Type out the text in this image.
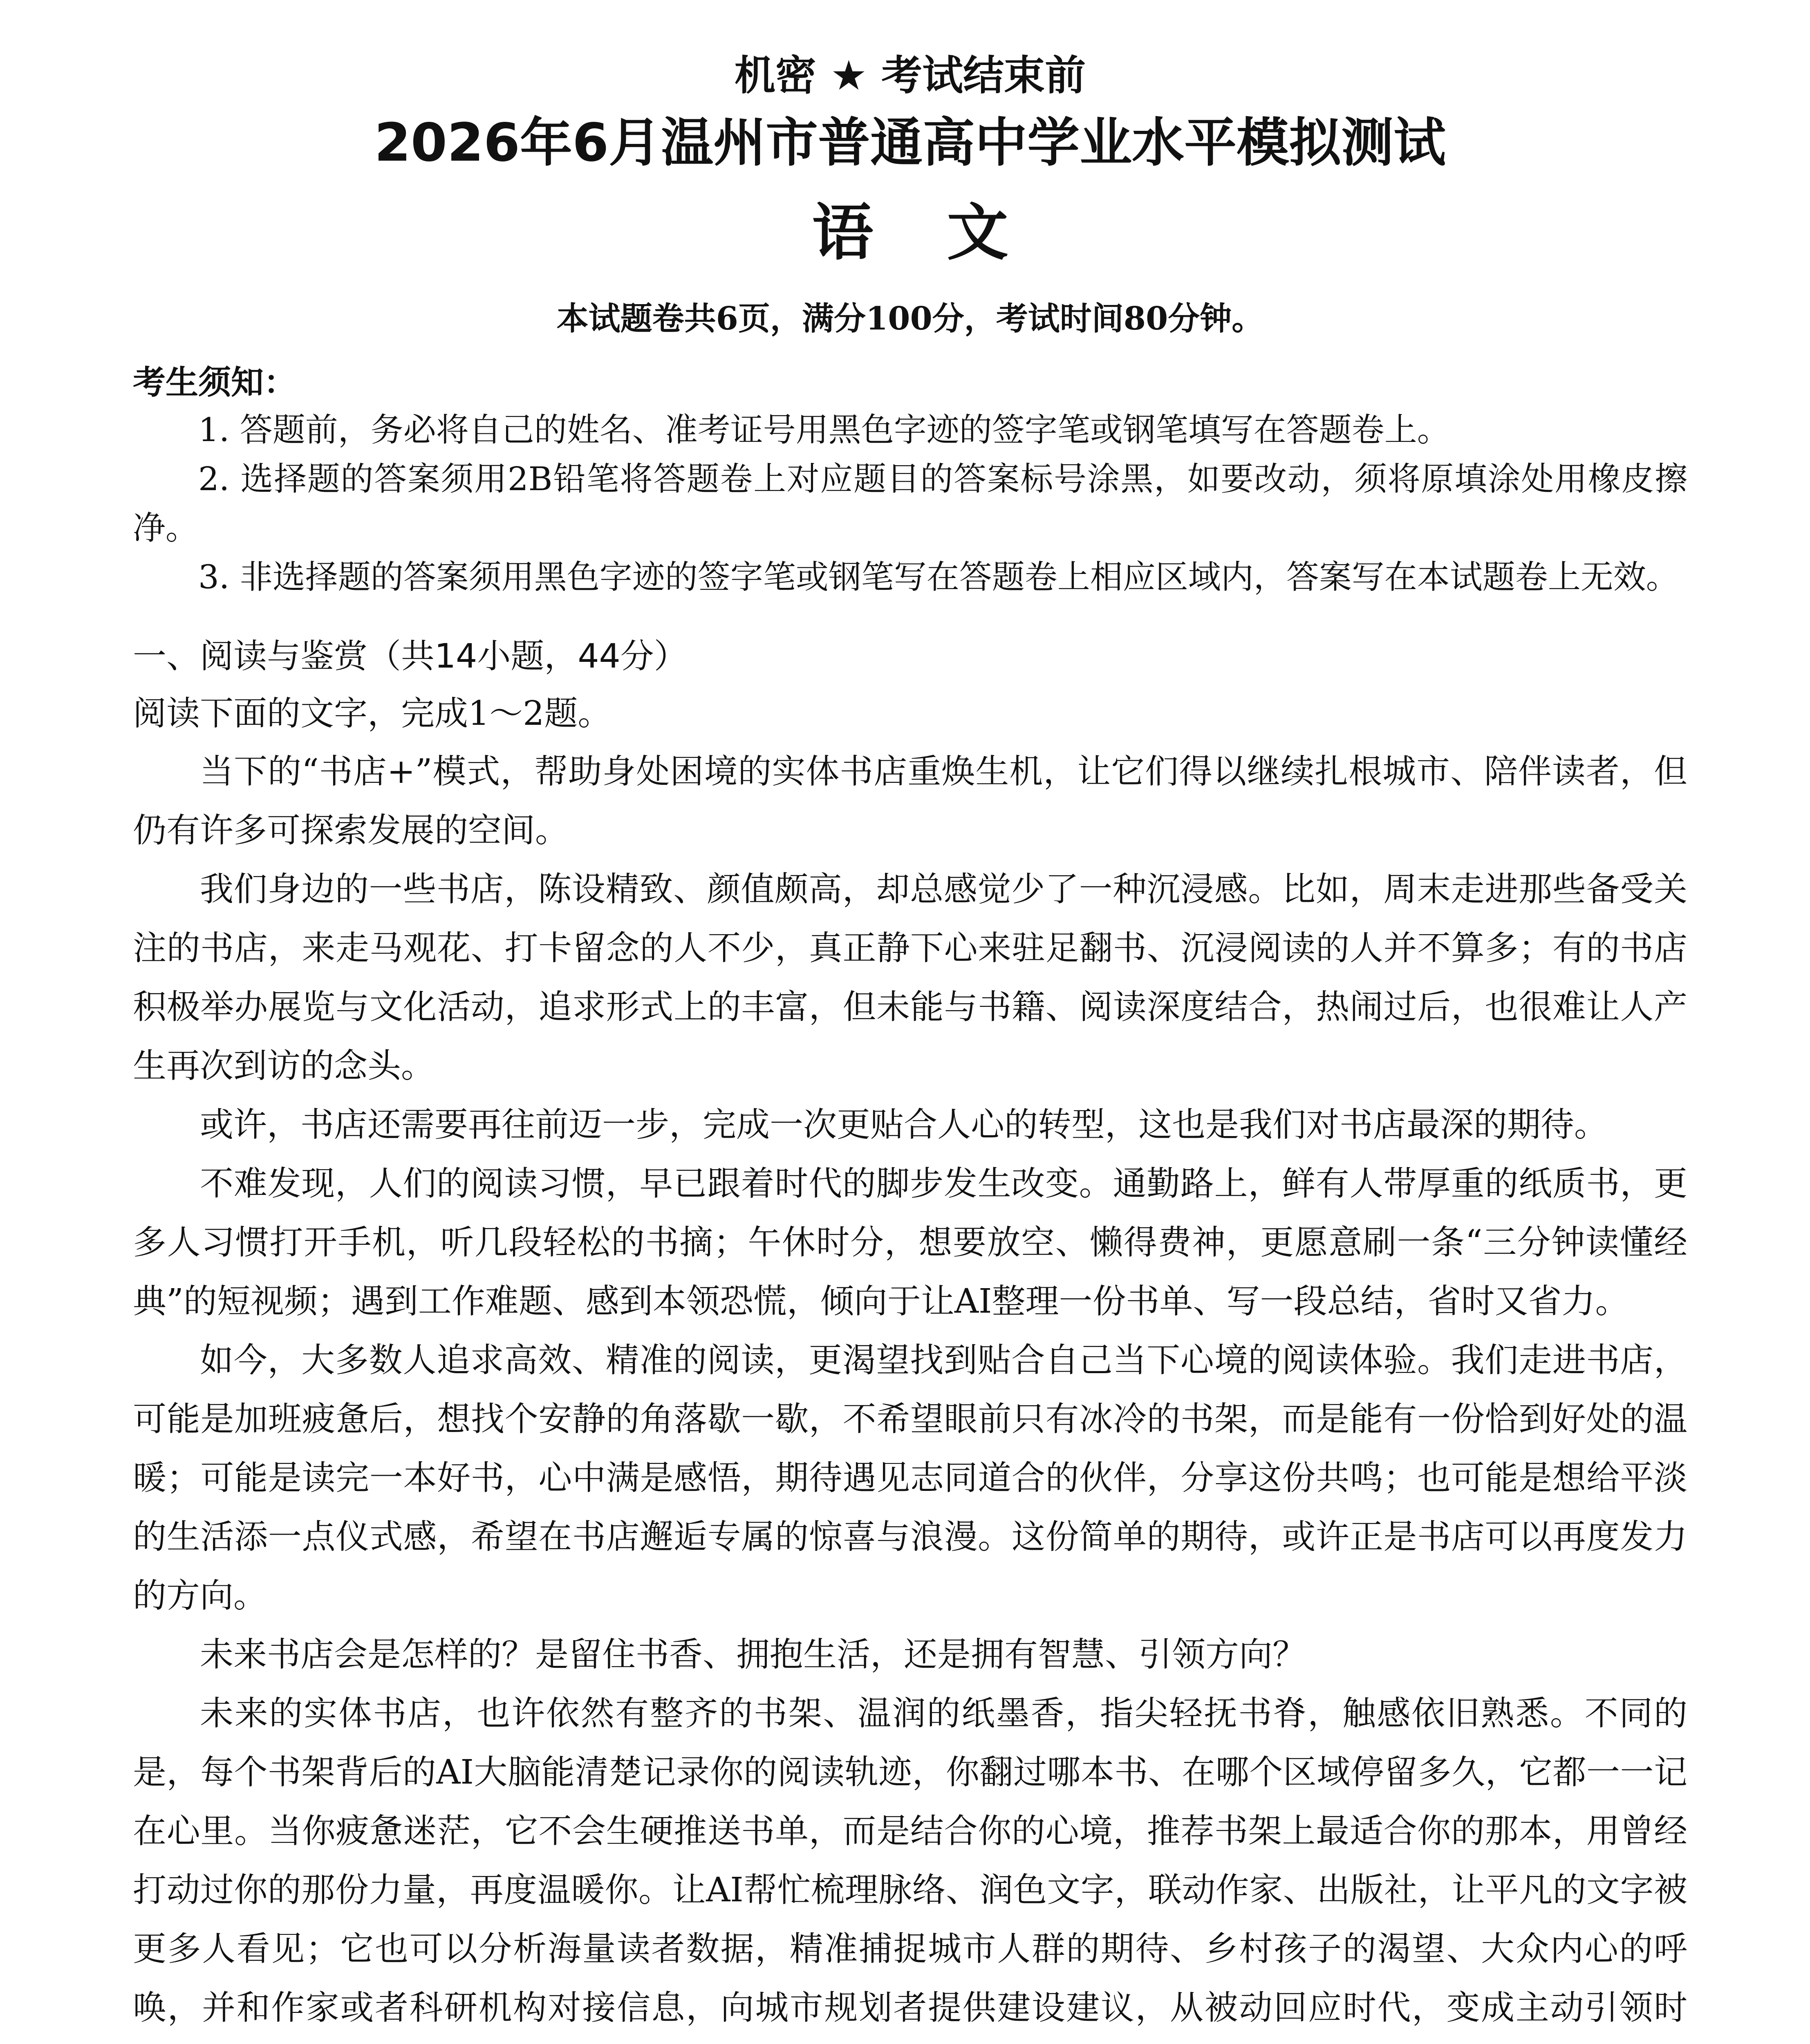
机密 ★ 考试结束前

2026年6月温州市普通高中学业水平模拟测试
语文

本试题卷共6页，满分100分，考试时间80分钟。

考生须知：

1. 答题前，务必将自己的姓名、准考证号用黑色字迹的签字笔或钢笔填写在答题卷上。

2. 选择题的答案须用2B铅笔将答题卷上对应题目的答案标号涂黑，如要改动，须将原填涂处用橡皮擦净。

3. 非选择题的答案须用黑色字迹的签字笔或钢笔写在答题卷上相应区域内，答案写在本试题卷上无效。

一、阅读与鉴赏（共14小题，44分）

阅读下面的文字，完成1～2题。

当下的“书店+”模式，帮助身处困境的实体书店重焕生机，让它们得以继续扎根城市、陪伴读者，但仍有许多可探索发展的空间。

我们身边的一些书店，陈设精致、颜值颇高，却总感觉少了一种沉浸感。比如，周末走进那些备受关注的书店，来走马观花、打卡留念的人不少，真正静下心来驻足翻书、沉浸阅读的人并不算多；有的书店积极举办展览与文化活动，追求形式上的丰富，但未能与书籍、阅读深度结合，热闹过后，也很难让人产生再次到访的念头。

或许，书店还需要再往前迈一步，完成一次更贴合人心的转型，这也是我们对书店最深的期待。

不难发现，人们的阅读习惯，早已跟着时代的脚步发生改变。通勤路上，鲜有人带厚重的纸质书，更多人习惯打开手机，听几段轻松的书摘；午休时分，想要放空、懒得费神，更愿意刷一条“三分钟读懂经典”的短视频；遇到工作难题、感到本领恐慌，倾向于让AI整理一份书单、写一段总结，省时又省力。

如今，大多数人追求高效、精准的阅读，更渴望找到贴合自己当下心境的阅读体验。我们走进书店，可能是加班疲惫后，想找个安静的角落歇一歇，不希望眼前只有冰冷的书架，而是能有一份恰到好处的温暖；可能是读完一本好书，心中满是感悟，期待遇见志同道合的伙伴，分享这份共鸣；也可能是想给平淡的生活添一点仪式感，希望在书店邂逅专属的惊喜与浪漫。这份简单的期待，或许正是书店可以再度发力的方向。

未来书店会是怎样的？是留住书香、拥抱生活，还是拥有智慧、引领方向？

未来的实体书店，也许依然有整齐的书架、温润的纸墨香，指尖轻抚书脊，触感依旧熟悉。不同的是，每个书架背后的AI大脑能清楚记录你的阅读轨迹，你翻过哪本书、在哪个区域停留多久，它都一一记在心里。当你疲惫迷茫，它不会生硬推送书单，而是结合你的心境，推荐书架上最适合你的那本，用曾经打动过你的那份力量，再度温暖你。让AI帮忙梳理脉络、润色文字，联动作家、出版社，让平凡的文字被更多人看见；它也可以分析海量读者数据，精准捕捉城市人群的期待、乡村孩子的渴望、大众内心的呼唤，并和作家或者科研机构对接信息，向城市规划者提供建设建议，从被动回应时代，变成主动引领时
